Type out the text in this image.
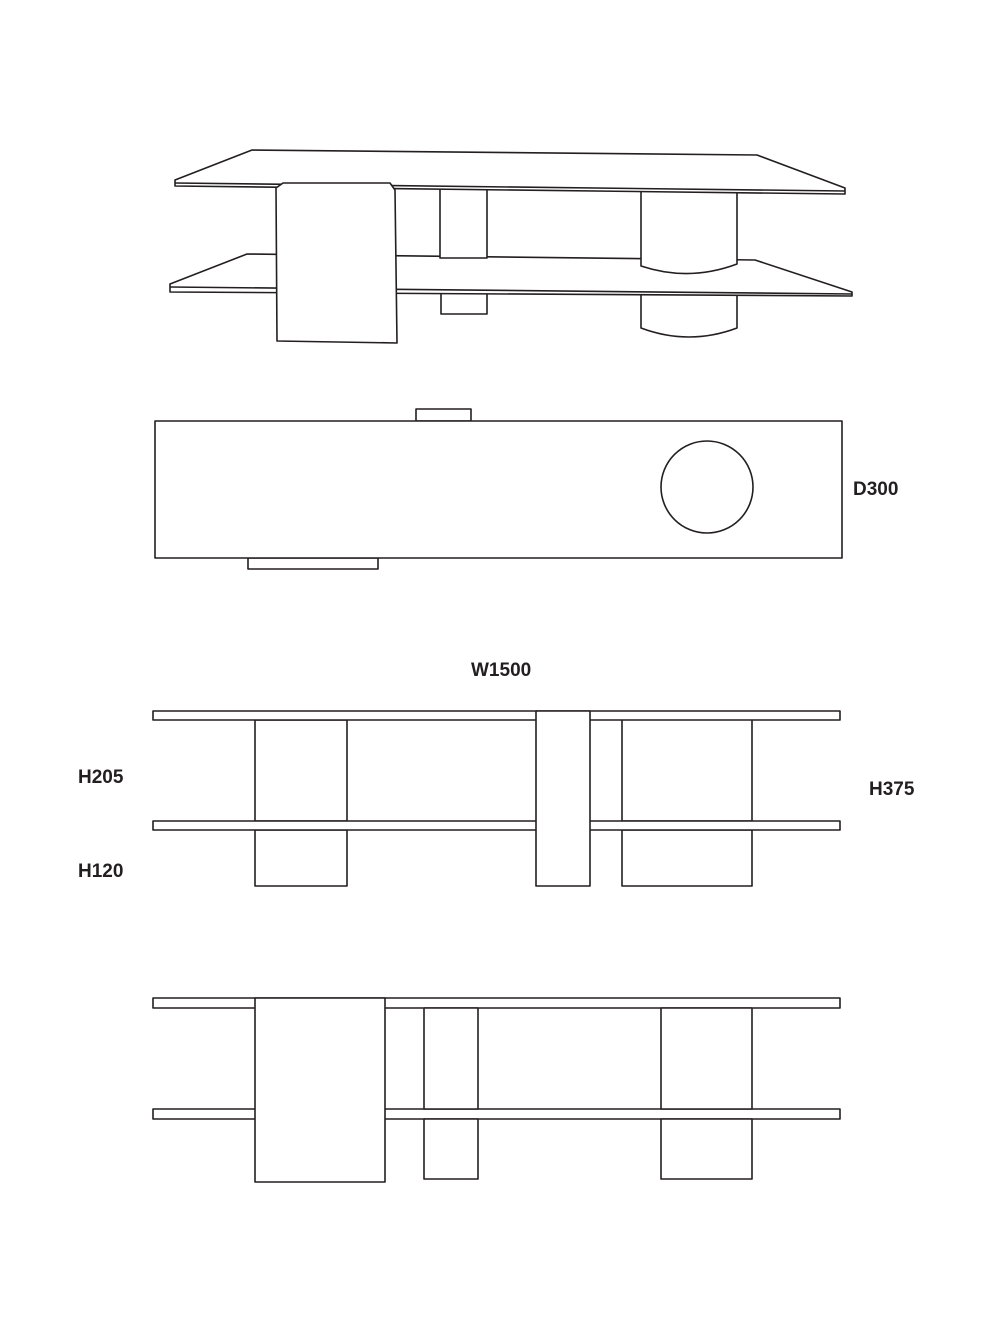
D300
W1500
H205
H120
H375
